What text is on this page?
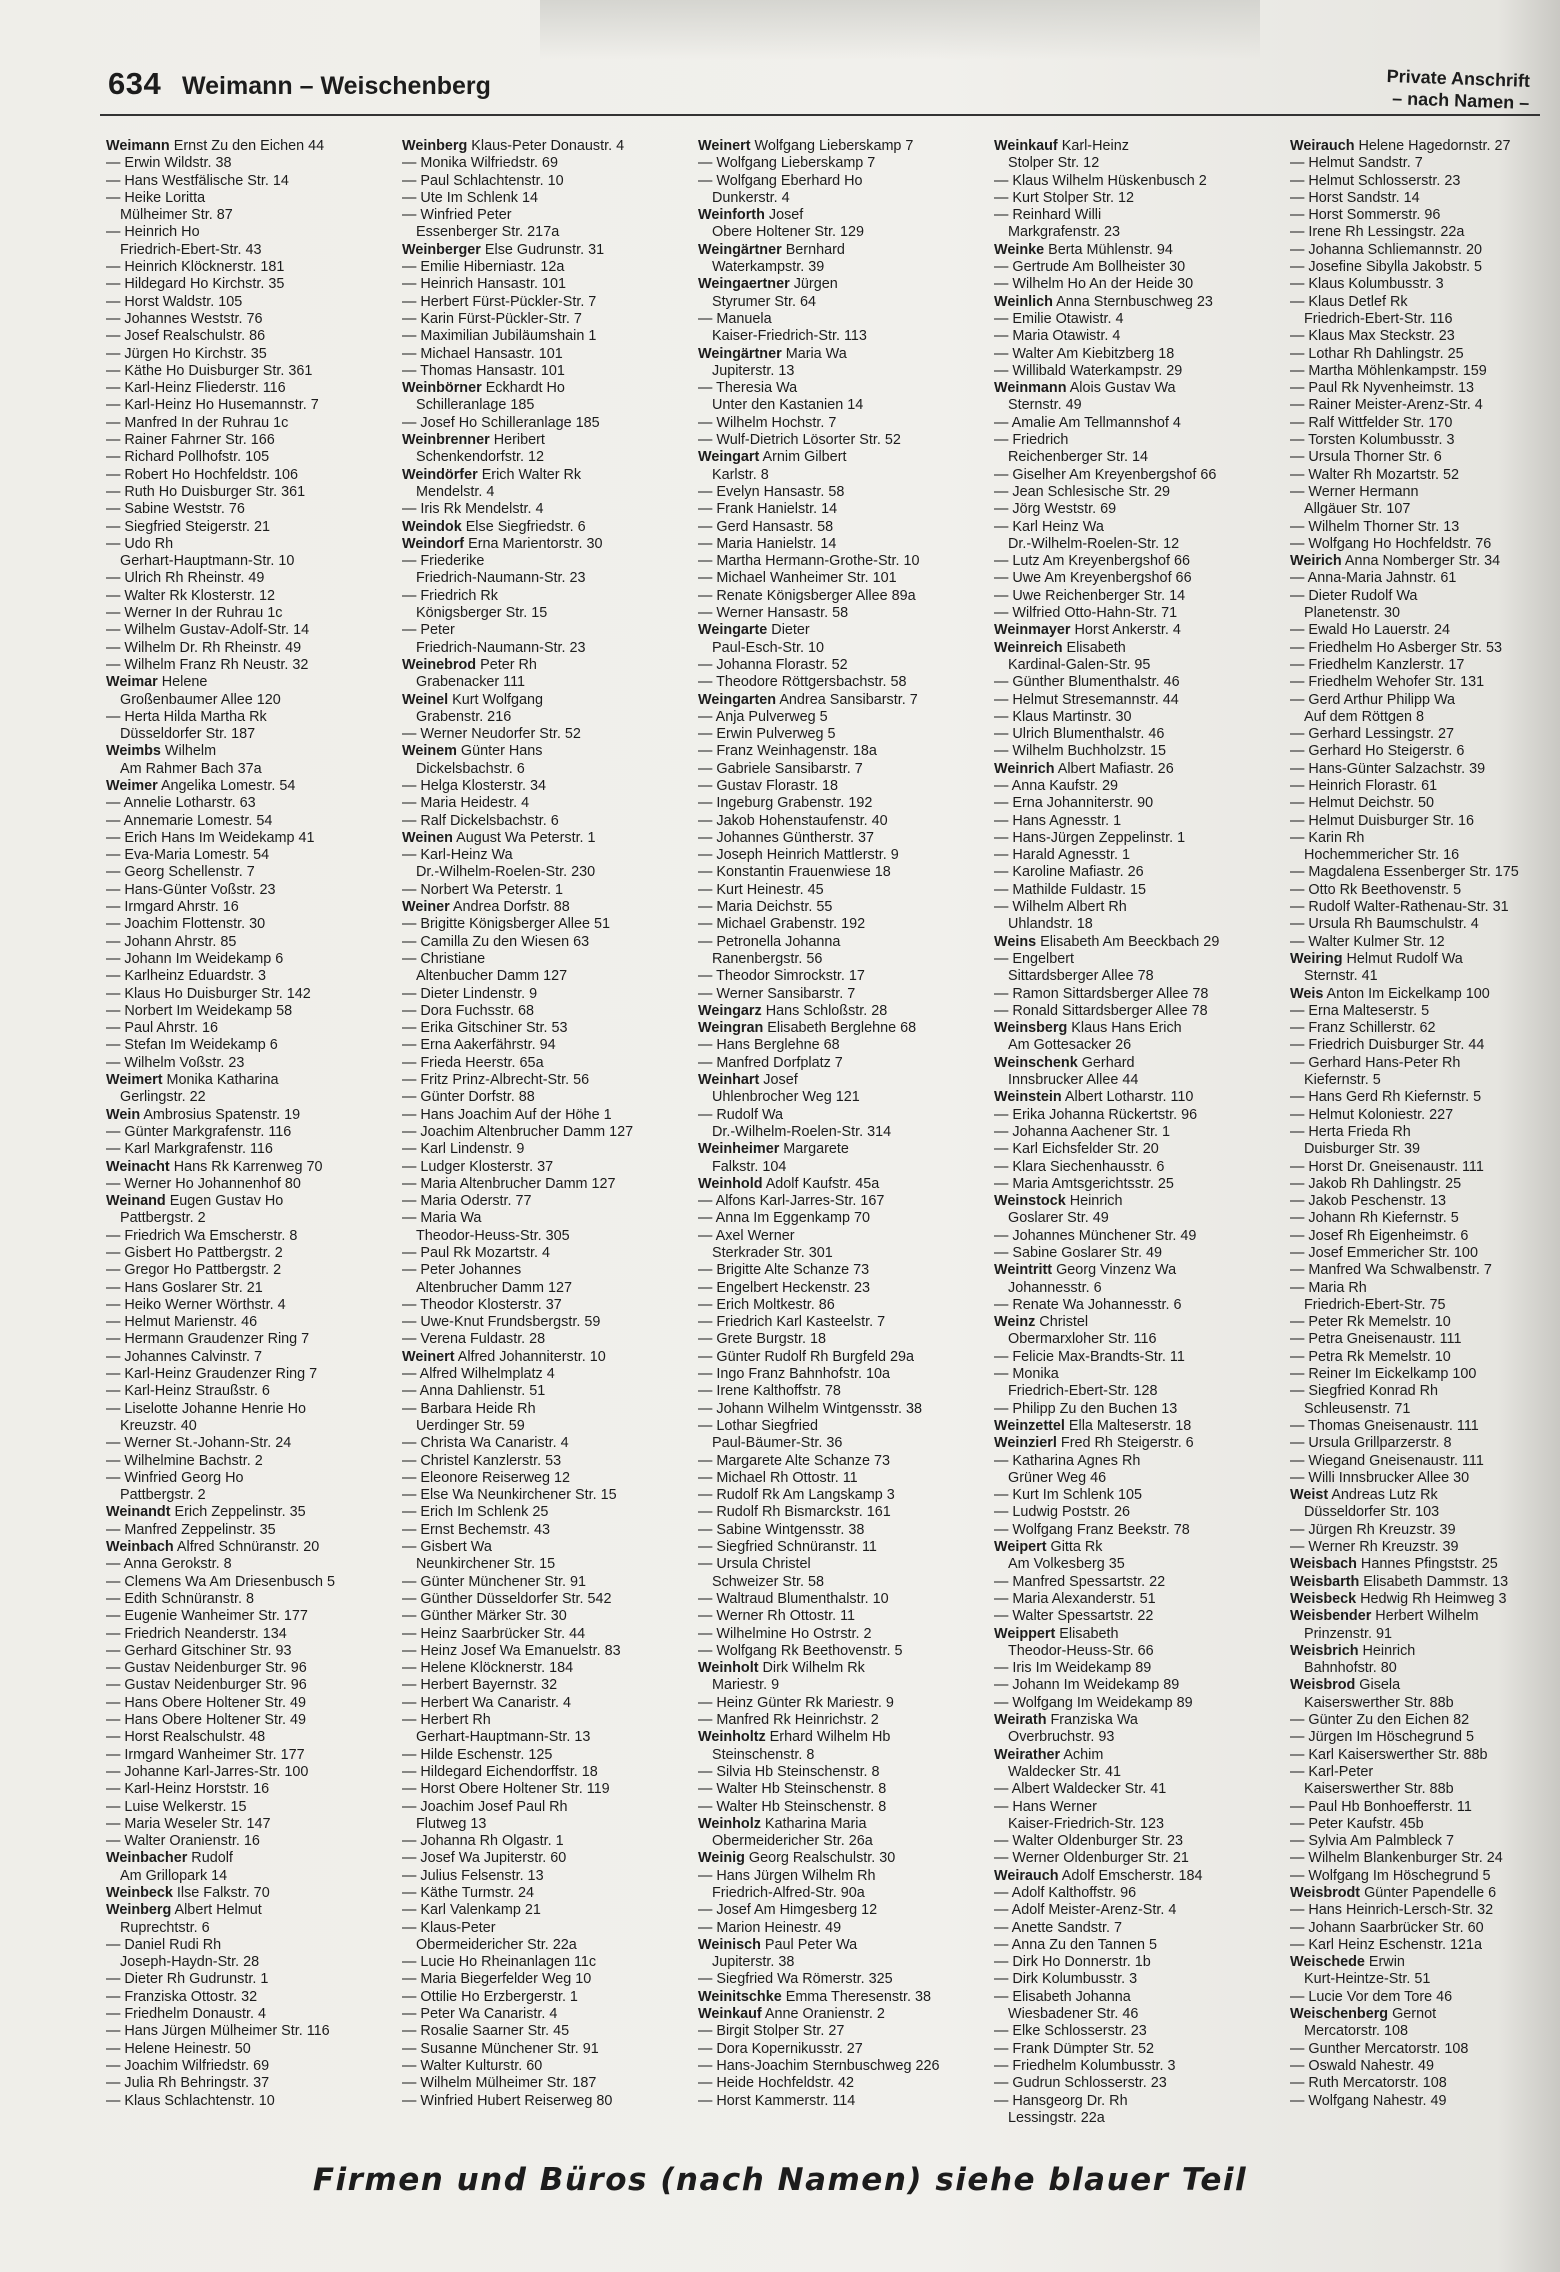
634 Weimann – Weischenberg	Private Anschrift
– nach Namen –
Weimann Ernst Zu den Eichen 44
— Erwin Wildstr. 38
— Hans Westfälische Str. 14
— Heike Loritta
Mülheimer Str. 87
— Heinrich Ho
Friedrich-Ebert-Str. 43
— Heinrich Klöcknerstr. 181
— Hildegard Ho Kirchstr. 35
— Horst Waldstr. 105
— Johannes Weststr. 76
— Josef Realschulstr. 86
— Jürgen Ho Kirchstr. 35
— Käthe Ho Duisburger Str. 361
— Karl-Heinz Fliederstr. 116
— Karl-Heinz Ho Husemannstr. 7
— Manfred In der Ruhrau 1c
— Rainer Fahrner Str. 166
— Richard Pollhofstr. 105
— Robert Ho Hochfeldstr. 106
— Ruth Ho Duisburger Str. 361
— Sabine Weststr. 76
— Siegfried Steigerstr. 21
— Udo Rh
Gerhart-Hauptmann-Str. 10
— Ulrich Rh Rheinstr. 49
— Walter Rk Klosterstr. 12
— Werner In der Ruhrau 1c
— Wilhelm Gustav-Adolf-Str. 14
— Wilhelm Dr. Rh Rheinstr. 49
— Wilhelm Franz Rh Neustr. 32
Weimar Helene
Großenbaumer Allee 120
— Herta Hilda Martha Rk
Düsseldorfer Str. 187
Weimbs Wilhelm
Am Rahmer Bach 37a
Weimer Angelika Lomestr. 54
— Annelie Lotharstr. 63
— Annemarie Lomestr. 54
— Erich Hans Im Weidekamp 41
— Eva-Maria Lomestr. 54
— Georg Schellenstr. 7
— Hans-Günter Voßstr. 23
— Irmgard Ahrstr. 16
— Joachim Flottenstr. 30
— Johann Ahrstr. 85
— Johann Im Weidekamp 6
— Karlheinz Eduardstr. 3
— Klaus Ho Duisburger Str. 142
— Norbert Im Weidekamp 58
— Paul Ahrstr. 16
— Stefan Im Weidekamp 6
— Wilhelm Voßstr. 23
Weimert Monika Katharina
Gerlingstr. 22
Wein Ambrosius Spatenstr. 19
— Günter Markgrafenstr. 116
— Karl Markgrafenstr. 116
Weinacht Hans Rk Karrenweg 70
— Werner Ho Johannenhof 80
Weinand Eugen Gustav Ho
Pattbergstr. 2
— Friedrich Wa Emscherstr. 8
— Gisbert Ho Pattbergstr. 2
— Gregor Ho Pattbergstr. 2
— Hans Goslarer Str. 21
— Heiko Werner Wörthstr. 4
— Helmut Marienstr. 46
— Hermann Graudenzer Ring 7
— Johannes Calvinstr. 7
— Karl-Heinz Graudenzer Ring 7
— Karl-Heinz Straußstr. 6
— Liselotte Johanne Henrie Ho
Kreuzstr. 40
— Werner St.-Johann-Str. 24
— Wilhelmine Bachstr. 2
— Winfried Georg Ho
Pattbergstr. 2
Weinandt Erich Zeppelinstr. 35
— Manfred Zeppelinstr. 35
Weinbach Alfred Schnüranstr. 20
— Anna Gerokstr. 8
— Clemens Wa Am Driesenbusch 5
— Edith Schnüranstr. 8
— Eugenie Wanheimer Str. 177
— Friedrich Neanderstr. 134
— Gerhard Gitschiner Str. 93
— Gustav Neidenburger Str. 96
— Gustav Neidenburger Str. 96
— Hans Obere Holtener Str. 49
— Hans Obere Holtener Str. 49
— Horst Realschulstr. 48
— Irmgard Wanheimer Str. 177
— Johanne Karl-Jarres-Str. 100
— Karl-Heinz Horststr. 16
— Luise Welkerstr. 15
— Maria Weseler Str. 147
— Walter Oranienstr. 16
Weinbacher Rudolf
Am Grillopark 14
Weinbeck Ilse Falkstr. 70
Weinberg Albert Helmut
Ruprechtstr. 6
— Daniel Rudi Rh
Joseph-Haydn-Str. 28
— Dieter Rh Gudrunstr. 1
— Franziska Ottostr. 32
— Friedhelm Donaustr. 4
— Hans Jürgen Mülheimer Str. 116
— Helene Heinestr. 50
— Joachim Wilfriedstr. 69
— Julia Rh Behringstr. 37
— Klaus Schlachtenstr. 10
Weinberg Klaus-Peter Donaustr. 4
— Monika Wilfriedstr. 69
— Paul Schlachtenstr. 10
— Ute Im Schlenk 14
— Winfried Peter
Essenberger Str. 217a
Weinberger Else Gudrunstr. 31
— Emilie Hiberniastr. 12a
— Heinrich Hansastr. 101
— Herbert Fürst-Pückler-Str. 7
— Karin Fürst-Pückler-Str. 7
— Maximilian Jubiläumshain 1
— Michael Hansastr. 101
— Thomas Hansastr. 101
Weinbörner Eckhardt Ho
Schilleranlage 185
— Josef Ho Schilleranlage 185
Weinbrenner Heribert
Schenkendorfstr. 12
Weindörfer Erich Walter Rk
Mendelstr. 4
— Iris Rk Mendelstr. 4
Weindok Else Siegfriedstr. 6
Weindorf Erna Marientorstr. 30
— Friederike
Friedrich-Naumann-Str. 23
— Friedrich Rk
Königsberger Str. 15
— Peter
Friedrich-Naumann-Str. 23
Weinebrod Peter Rh
Grabenacker 111
Weinel Kurt Wolfgang
Grabenstr. 216
— Werner Neudorfer Str. 52
Weinem Günter Hans
Dickelsbachstr. 6
— Helga Klosterstr. 34
— Maria Heidestr. 4
— Ralf Dickelsbachstr. 6
Weinen August Wa Peterstr. 1
— Karl-Heinz Wa
Dr.-Wilhelm-Roelen-Str. 230
— Norbert Wa Peterstr. 1
Weiner Andrea Dorfstr. 88
— Brigitte Königsberger Allee 51
— Camilla Zu den Wiesen 63
— Christiane
Altenbucher Damm 127
— Dieter Lindenstr. 9
— Dora Fuchsstr. 68
— Erika Gitschiner Str. 53
— Erna Aakerfährstr. 94
— Frieda Heerstr. 65a
— Fritz Prinz-Albrecht-Str. 56
— Günter Dorfstr. 88
— Hans Joachim Auf der Höhe 1
— Joachim Altenbrucher Damm 127
— Karl Lindenstr. 9
— Ludger Klosterstr. 37
— Maria Altenbrucher Damm 127
— Maria Oderstr. 77
— Maria Wa
Theodor-Heuss-Str. 305
— Paul Rk Mozartstr. 4
— Peter Johannes
Altenbrucher Damm 127
— Theodor Klosterstr. 37
— Uwe-Knut Frundsbergstr. 59
— Verena Fuldastr. 28
Weinert Alfred Johanniterstr. 10
— Alfred Wilhelmplatz 4
— Anna Dahlienstr. 51
— Barbara Heide Rh
Uerdinger Str. 59
— Christa Wa Canaristr. 4
— Christel Kanzlerstr. 53
— Eleonore Reiserweg 12
— Else Wa Neunkirchener Str. 15
— Erich Im Schlenk 25
— Ernst Bechemstr. 43
— Gisbert Wa
Neunkirchener Str. 15
— Günter Münchener Str. 91
— Günther Düsseldorfer Str. 542
— Günther Märker Str. 30
— Heinz Saarbrücker Str. 44
— Heinz Josef Wa Emanuelstr. 83
— Helene Klöcknerstr. 184
— Herbert Bayernstr. 32
— Herbert Wa Canaristr. 4
— Herbert Rh
Gerhart-Hauptmann-Str. 13
— Hilde Eschenstr. 125
— Hildegard Eichendorffstr. 18
— Horst Obere Holtener Str. 119
— Joachim Josef Paul Rh
Flutweg 13
— Johanna Rh Olgastr. 1
— Josef Wa Jupiterstr. 60
— Julius Felsenstr. 13
— Käthe Turmstr. 24
— Karl Valenkamp 21
— Klaus-Peter
Obermeidericher Str. 22a
— Lucie Ho Rheinanlagen 11c
— Maria Biegerfelder Weg 10
— Ottilie Ho Erzbergerstr. 1
— Peter Wa Canaristr. 4
— Rosalie Saarner Str. 45
— Susanne Münchener Str. 91
— Walter Kulturstr. 60
— Wilhelm Mülheimer Str. 187
— Winfried Hubert Reiserweg 80
Weinert Wolfgang Lieberskamp 7
— Wolfgang Lieberskamp 7
— Wolfgang Eberhard Ho
Dunkerstr. 4
Weinforth Josef
Obere Holtener Str. 129
Weingärtner Bernhard
Waterkampstr. 39
Weingaertner Jürgen
Styrumer Str. 64
— Manuela
Kaiser-Friedrich-Str. 113
Weingärtner Maria Wa
Jupiterstr. 13
— Theresia Wa
Unter den Kastanien 14
— Wilhelm Hochstr. 7
— Wulf-Dietrich Lösorter Str. 52
Weingart Arnim Gilbert
Karlstr. 8
— Evelyn Hansastr. 58
— Frank Hanielstr. 14
— Gerd Hansastr. 58
— Maria Hanielstr. 14
— Martha Hermann-Grothe-Str. 10
— Michael Wanheimer Str. 101
— Renate Königsberger Allee 89a
— Werner Hansastr. 58
Weingarte Dieter
Paul-Esch-Str. 10
— Johanna Florastr. 52
— Theodore Röttgersbachstr. 58
Weingarten Andrea Sansibarstr. 7
— Anja Pulverweg 5
— Erwin Pulverweg 5
— Franz Weinhagenstr. 18a
— Gabriele Sansibarstr. 7
— Gustav Florastr. 18
— Ingeburg Grabenstr. 192
— Jakob Hohenstaufenstr. 40
— Johannes Güntherstr. 37
— Joseph Heinrich Mattlerstr. 9
— Konstantin Frauenwiese 18
— Kurt Heinestr. 45
— Maria Deichstr. 55
— Michael Grabenstr. 192
— Petronella Johanna
Ranenbergstr. 56
— Theodor Simrockstr. 17
— Werner Sansibarstr. 7
Weingarz Hans Schloßstr. 28
Weingran Elisabeth Berglehne 68
— Hans Berglehne 68
— Manfred Dorfplatz 7
Weinhart Josef
Uhlenbrocher Weg 121
— Rudolf Wa
Dr.-Wilhelm-Roelen-Str. 314
Weinheimer Margarete
Falkstr. 104
Weinhold Adolf Kaufstr. 45a
— Alfons Karl-Jarres-Str. 167
— Anna Im Eggenkamp 70
— Axel Werner
Sterkrader Str. 301
— Brigitte Alte Schanze 73
— Engelbert Heckenstr. 23
— Erich Moltkestr. 86
— Friedrich Karl Kasteelstr. 7
— Grete Burgstr. 18
— Günter Rudolf Rh Burgfeld 29a
— Ingo Franz Bahnhofstr. 10a
— Irene Kalthoffstr. 78
— Johann Wilhelm Wintgensstr. 38
— Lothar Siegfried
Paul-Bäumer-Str. 36
— Margarete Alte Schanze 73
— Michael Rh Ottostr. 11
— Rudolf Rk Am Langskamp 3
— Rudolf Rh Bismarckstr. 161
— Sabine Wintgensstr. 38
— Siegfried Schnüranstr. 11
— Ursula Christel
Schweizer Str. 58
— Waltraud Blumenthalstr. 10
— Werner Rh Ottostr. 11
— Wilhelmine Ho Ostrstr. 2
— Wolfgang Rk Beethovenstr. 5
Weinholt Dirk Wilhelm Rk
Mariestr. 9
— Heinz Günter Rk Mariestr. 9
— Manfred Rk Heinrichstr. 2
Weinholtz Erhard Wilhelm Hb
Steinschenstr. 8
— Silvia Hb Steinschenstr. 8
— Walter Hb Steinschenstr. 8
— Walter Hb Steinschenstr. 8
Weinholz Katharina Maria
Obermeidericher Str. 26a
Weinig Georg Realschulstr. 30
— Hans Jürgen Wilhelm Rh
Friedrich-Alfred-Str. 90a
— Josef Am Himgesberg 12
— Marion Heinestr. 49
Weinisch Paul Peter Wa
Jupiterstr. 38
— Siegfried Wa Römerstr. 325
Weinitschke Emma Theresenstr. 38
Weinkauf Anne Oranienstr. 2
— Birgit Stolper Str. 27
— Dora Kopernikusstr. 27
— Hans-Joachim Sternbuschweg 226
— Heide Hochfeldstr. 42
— Horst Kammerstr. 114
Weinkauf Karl-Heinz
Stolper Str. 12
— Klaus Wilhelm Hüskenbusch 2
— Kurt Stolper Str. 12
— Reinhard Willi
Markgrafenstr. 23
Weinke Berta Mühlenstr. 94
— Gertrude Am Bollheister 30
— Wilhelm Ho An der Heide 30
Weinlich Anna Sternbuschweg 23
— Emilie Otawistr. 4
— Maria Otawistr. 4
— Walter Am Kiebitzberg 18
— Willibald Waterkampstr. 29
Weinmann Alois Gustav Wa
Sternstr. 49
— Amalie Am Tellmannshof 4
— Friedrich
Reichenberger Str. 14
— Giselher Am Kreyenbergshof 66
— Jean Schlesische Str. 29
— Jörg Weststr. 69
— Karl Heinz Wa
Dr.-Wilhelm-Roelen-Str. 12
— Lutz Am Kreyenbergshof 66
— Uwe Am Kreyenbergshof 66
— Uwe Reichenberger Str. 14
— Wilfried Otto-Hahn-Str. 71
Weinmayer Horst Ankerstr. 4
Weinreich Elisabeth
Kardinal-Galen-Str. 95
— Günther Blumenthalstr. 46
— Helmut Stresemannstr. 44
— Klaus Martinstr. 30
— Ulrich Blumenthalstr. 46
— Wilhelm Buchholzstr. 15
Weinrich Albert Mafiastr. 26
— Anna Kaufstr. 29
— Erna Johanniterstr. 90
— Hans Agnesstr. 1
— Hans-Jürgen Zeppelinstr. 1
— Harald Agnesstr. 1
— Karoline Mafiastr. 26
— Mathilde Fuldastr. 15
— Wilhelm Albert Rh
Uhlandstr. 18
Weins Elisabeth Am Beeckbach 29
— Engelbert
Sittardsberger Allee 78
— Ramon Sittardsberger Allee 78
— Ronald Sittardsberger Allee 78
Weinsberg Klaus Hans Erich
Am Gottesacker 26
Weinschenk Gerhard
Innsbrucker Allee 44
Weinstein Albert Lotharstr. 110
— Erika Johanna Rückertstr. 96
— Johanna Aachener Str. 1
— Karl Eichsfelder Str. 20
— Klara Siechenhausstr. 6
— Maria Amtsgerichtsstr. 25
Weinstock Heinrich
Goslarer Str. 49
— Johannes Münchener Str. 49
— Sabine Goslarer Str. 49
Weintritt Georg Vinzenz Wa
Johannesstr. 6
— Renate Wa Johannesstr. 6
Weinz Christel
Obermarxloher Str. 116
— Felicie Max-Brandts-Str. 11
— Monika
Friedrich-Ebert-Str. 128
— Philipp Zu den Buchen 13
Weinzettel Ella Malteserstr. 18
Weinzierl Fred Rh Steigerstr. 6
— Katharina Agnes Rh
Grüner Weg 46
— Kurt Im Schlenk 105
— Ludwig Poststr. 26
— Wolfgang Franz Beekstr. 78
Weipert Gitta Rk
Am Volkesberg 35
— Manfred Spessartstr. 22
— Maria Alexanderstr. 51
— Walter Spessartstr. 22
Weippert Elisabeth
Theodor-Heuss-Str. 66
— Iris Im Weidekamp 89
— Johann Im Weidekamp 89
— Wolfgang Im Weidekamp 89
Weirath Franziska Wa
Overbruchstr. 93
Weirather Achim
Waldecker Str. 41
— Albert Waldecker Str. 41
— Hans Werner
Kaiser-Friedrich-Str. 123
— Walter Oldenburger Str. 23
— Werner Oldenburger Str. 21
Weirauch Adolf Emscherstr. 184
— Adolf Kalthoffstr. 96
— Adolf Meister-Arenz-Str. 4
— Anette Sandstr. 7
— Anna Zu den Tannen 5
— Dirk Ho Donnerstr. 1b
— Dirk Kolumbusstr. 3
— Elisabeth Johanna
Wiesbadener Str. 46
— Elke Schlosserstr. 23
— Frank Dümpter Str. 52
— Friedhelm Kolumbusstr. 3
— Gudrun Schlosserstr. 23
— Hansgeorg Dr. Rh
Lessingstr. 22a
Weirauch Helene Hagedornstr. 27
— Helmut Sandstr. 7
— Helmut Schlosserstr. 23
— Horst Sandstr. 14
— Horst Sommerstr. 96
— Irene Rh Lessingstr. 22a
— Johanna Schliemannstr. 20
— Josefine Sibylla Jakobstr. 5
— Klaus Kolumbusstr. 3
— Klaus Detlef Rk
Friedrich-Ebert-Str. 116
— Klaus Max Steckstr. 23
— Lothar Rh Dahlingstr. 25
— Martha Möhlenkampstr. 159
— Paul Rk Nyvenheimstr. 13
— Rainer Meister-Arenz-Str. 4
— Ralf Wittfelder Str. 170
— Torsten Kolumbusstr. 3
— Ursula Thorner Str. 6
— Walter Rh Mozartstr. 52
— Werner Hermann
Allgäuer Str. 107
— Wilhelm Thorner Str. 13
— Wolfgang Ho Hochfeldstr. 76
Weirich Anna Nomberger Str. 34
— Anna-Maria Jahnstr. 61
— Dieter Rudolf Wa
Planetenstr. 30
— Ewald Ho Lauerstr. 24
— Friedhelm Ho Asberger Str. 53
— Friedhelm Kanzlerstr. 17
— Friedhelm Wehofer Str. 131
— Gerd Arthur Philipp Wa
Auf dem Röttgen 8
— Gerhard Lessingstr. 27
— Gerhard Ho Steigerstr. 6
— Hans-Günter Salzachstr. 39
— Heinrich Florastr. 61
— Helmut Deichstr. 50
— Helmut Duisburger Str. 16
— Karin Rh
Hochemmericher Str. 16
— Magdalena Essenberger Str. 175
— Otto Rk Beethovenstr. 5
— Rudolf Walter-Rathenau-Str. 31
— Ursula Rh Baumschulstr. 4
— Walter Kulmer Str. 12
Weiring Helmut Rudolf Wa
Sternstr. 41
Weis Anton Im Eickelkamp 100
— Erna Malteserstr. 5
— Franz Schillerstr. 62
— Friedrich Duisburger Str. 44
— Gerhard Hans-Peter Rh
Kiefernstr. 5
— Hans Gerd Rh Kiefernstr. 5
— Helmut Koloniestr. 227
— Herta Frieda Rh
Duisburger Str. 39
— Horst Dr. Gneisenaustr. 111
— Jakob Rh Dahlingstr. 25
— Jakob Peschenstr. 13
— Johann Rh Kiefernstr. 5
— Josef Rh Eigenheimstr. 6
— Josef Emmericher Str. 100
— Manfred Wa Schwalbenstr. 7
— Maria Rh
Friedrich-Ebert-Str. 75
— Peter Rk Memelstr. 10
— Petra Gneisenaustr. 111
— Petra Rk Memelstr. 10
— Reiner Im Eickelkamp 100
— Siegfried Konrad Rh
Schleusenstr. 71
— Thomas Gneisenaustr. 111
— Ursula Grillparzerstr. 8
— Wiegand Gneisenaustr. 111
— Willi Innsbrucker Allee 30
Weist Andreas Lutz Rk
Düsseldorfer Str. 103
— Jürgen Rh Kreuzstr. 39
— Werner Rh Kreuzstr. 39
Weisbach Hannes Pfingststr. 25
Weisbarth Elisabeth Dammstr. 13
Weisbeck Hedwig Rh Heimweg 3
Weisbender Herbert Wilhelm
Prinzenstr. 91
Weisbrich Heinrich
Bahnhofstr. 80
Weisbrod Gisela
Kaiserswerther Str. 88b
— Günter Zu den Eichen 82
— Jürgen Im Höschegrund 5
— Karl Kaiserswerther Str. 88b
— Karl-Peter
Kaiserswerther Str. 88b
— Paul Hb Bonhoefferstr. 11
— Peter Kaufstr. 45b
— Sylvia Am Palmbleck 7
— Wilhelm Blankenburger Str. 24
— Wolfgang Im Höschegrund 5
Weisbrodt Günter Papendelle 6
— Hans Heinrich-Lersch-Str. 32
— Johann Saarbrücker Str. 60
— Karl Heinz Eschenstr. 121a
Weischede Erwin
Kurt-Heintze-Str. 51
— Lucie Vor dem Tore 46
Weischenberg Gernot
Mercatorstr. 108
— Gunther Mercatorstr. 108
— Oswald Nahestr. 49
— Ruth Mercatorstr. 108
— Wolfgang Nahestr. 49
Firmen und Büros (nach Namen) siehe blauer Teil
